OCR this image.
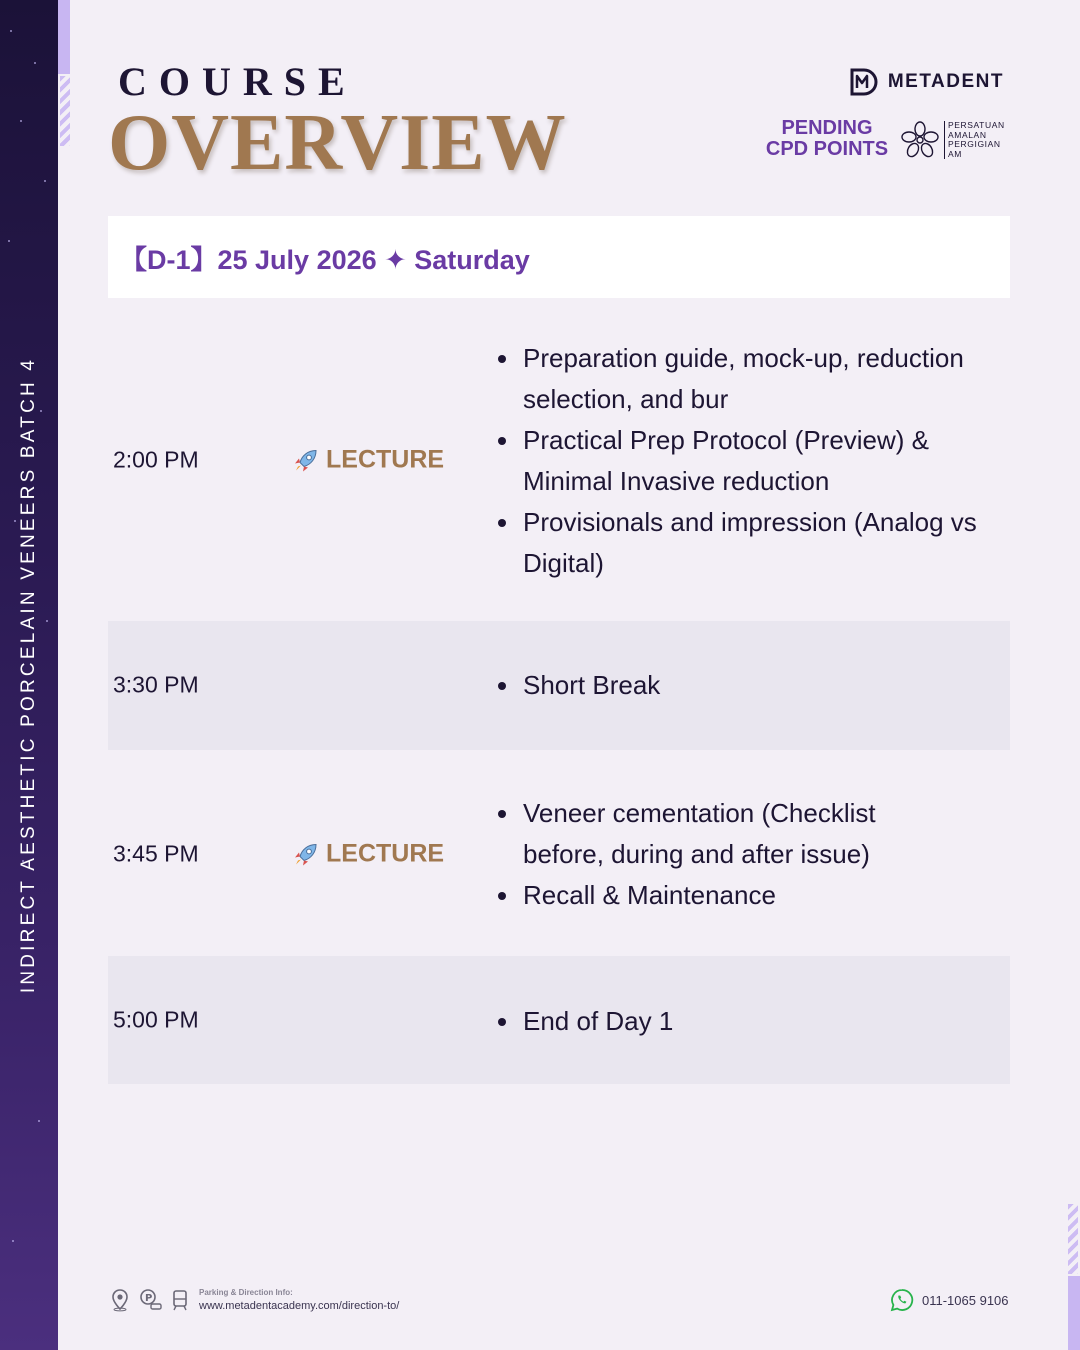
INDIRECT AESTHETIC PORCELAIN VENEERS BATCH 4
COURSE
OVERVIEW
METADENT
PENDING
CPD POINTS
PERSATUAN
AMALAN
PERGIGIAN
AM
【D-1】25 July 2026 ✦ Saturday
2:00 PM	LECTURE
Preparation guide, mock-up, reduction selection, and bur
Practical Prep Protocol (Preview) & Minimal Invasive reduction
Provisionals and impression (Analog vs Digital)
3:30 PM	Short Break
3:45 PM	LECTURE
Veneer cementation (Checklist before, during and after issue)
Recall & Maintenance
5:00 PM	End of Day 1
P
Parking & Direction Info:
www.metadentacademy.com/direction-to/	011-1065 9106
